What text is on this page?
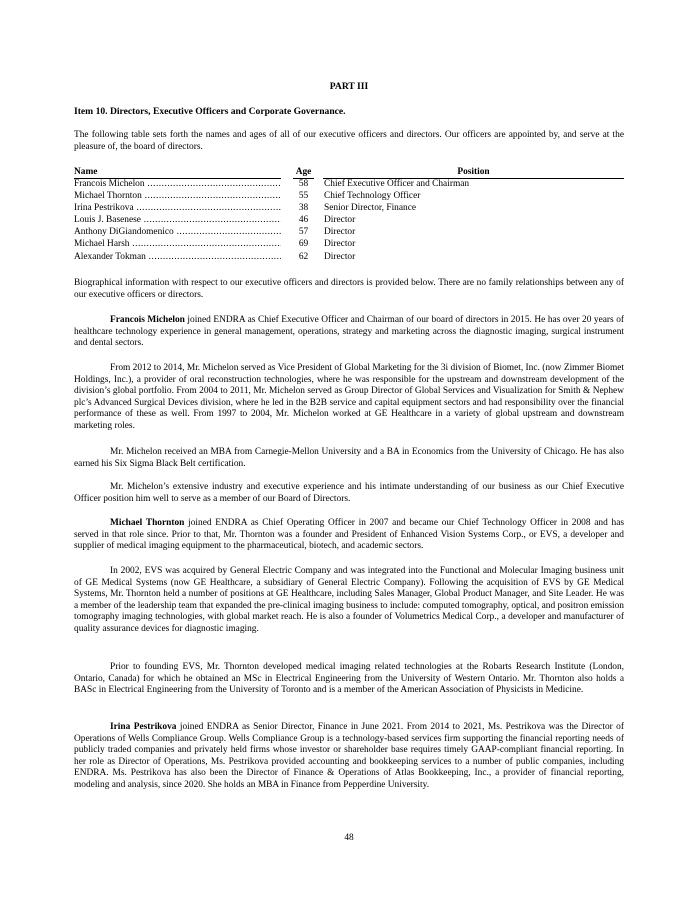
PART III
Item 10. Directors, Executive Officers and Corporate Governance.

The following table sets forth the names and ages of all of our executive officers and directors. Our officers are appointed by, and serve at the pleasure of, the board of directors.

Name	Age	Position
Francois Michelon .....	58	Chief Executive Officer and Chairman
Michael Thornton .....	55	Chief Technology Officer
Irina Pestrikova .....	38	Senior Director, Finance
Louis J. Basenese .....	46	Director
Anthony DiGiandomenico .....	57	Director
Michael Harsh .....	69	Director
Alexander Tokman .....	62	Director

Biographical information with respect to our executive officers and directors is provided below. There are no family relationships between any of our executive officers or directors.

Francois Michelon joined ENDRA as Chief Executive Officer and Chairman of our board of directors in 2015. He has over 20 years of healthcare technology experience in general management, operations, strategy and marketing across the diagnostic imaging, surgical instrument and dental sectors.

From 2012 to 2014, Mr. Michelon served as Vice President of Global Marketing for the 3i division of Biomet, Inc. (now Zimmer Biomet Holdings, Inc.), a provider of oral reconstruction technologies, where he was responsible for the upstream and downstream development of the division’s global portfolio. From 2004 to 2011, Mr. Michelon served as Group Director of Global Services and Visualization for Smith & Nephew plc’s Advanced Surgical Devices division, where he led in the B2B service and capital equipment sectors and had responsibility over the financial performance of these as well. From 1997 to 2004, Mr. Michelon worked at GE Healthcare in a variety of global upstream and downstream marketing roles.

Mr. Michelon received an MBA from Carnegie-Mellon University and a BA in Economics from the University of Chicago. He has also earned his Six Sigma Black Belt certification.

Mr. Michelon’s extensive industry and executive experience and his intimate understanding of our business as our Chief Executive Officer position him well to serve as a member of our Board of Directors.

Michael Thornton joined ENDRA as Chief Operating Officer in 2007 and became our Chief Technology Officer in 2008 and has served in that role since. Prior to that, Mr. Thornton was a founder and President of Enhanced Vision Systems Corp., or EVS, a developer and supplier of medical imaging equipment to the pharmaceutical, biotech, and academic sectors.

In 2002, EVS was acquired by General Electric Company and was integrated into the Functional and Molecular Imaging business unit of GE Medical Systems (now GE Healthcare, a subsidiary of General Electric Company). Following the acquisition of EVS by GE Medical Systems, Mr. Thornton held a number of positions at GE Healthcare, including Sales Manager, Global Product Manager, and Site Leader. He was a member of the leadership team that expanded the pre-clinical imaging business to include: computed tomography, optical, and positron emission tomography imaging technologies, with global market reach. He is also a founder of Volumetrics Medical Corp., a developer and manufacturer of quality assurance devices for diagnostic imaging.

Prior to founding EVS, Mr. Thornton developed medical imaging related technologies at the Robarts Research Institute (London, Ontario, Canada) for which he obtained an MSc in Electrical Engineering from the University of Western Ontario. Mr. Thornton also holds a BASc in Electrical Engineering from the University of Toronto and is a member of the American Association of Physicists in Medicine.

Irina Pestrikova joined ENDRA as Senior Director, Finance in June 2021. From 2014 to 2021, Ms. Pestrikova was the Director of Operations of Wells Compliance Group. Wells Compliance Group is a technology-based services firm supporting the financial reporting needs of publicly traded companies and privately held firms whose investor or shareholder base requires timely GAAP-compliant financial reporting. In her role as Director of Operations, Ms. Pestrikova provided accounting and bookkeeping services to a number of public companies, including ENDRA. Ms. Pestrikova has also been the Director of Finance & Operations of Atlas Bookkeeping, Inc., a provider of financial reporting, modeling and analysis, since 2020. She holds an MBA in Finance from Pepperdine University.

48
